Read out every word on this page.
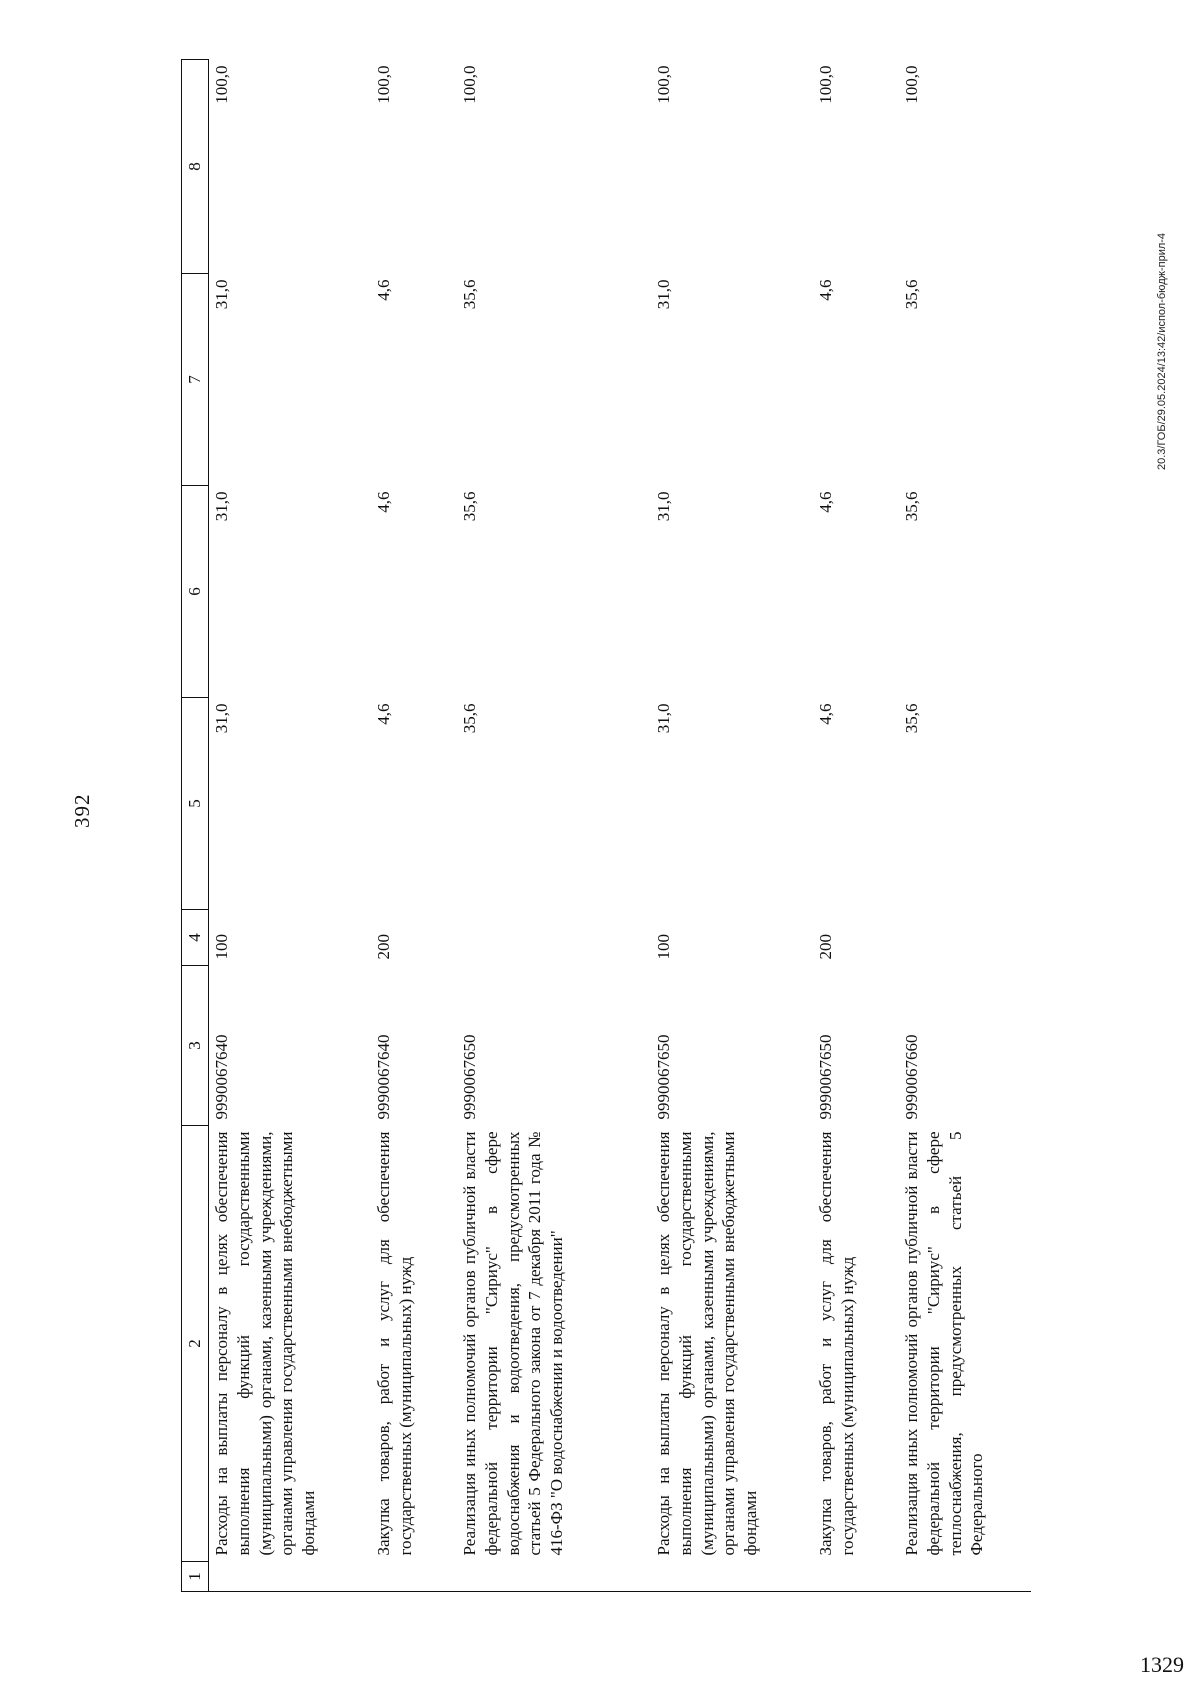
392
20.3/ГОБ/29.05.2024/13:42/испол-бюдж-прил-4
1	2	3	4	5	6	7	8
	Расходы на выплаты персоналу в целях обеспечения выполнения функций государственными (муниципальными) органами, казенными учреждениями, органами управления государственными внебюджетными фондами	9990067640	100	31,0	31,0	31,0	100,0
	Закупка товаров, работ и услуг для обеспечения государственных (муниципальных) нужд	9990067640	200	4,6	4,6	4,6	100,0
	Реализация иных полномочий органов публичной власти федеральной территории "Сириус" в сфере водоснабжения и водоотведения, предусмотренных статьей 5 Федерального закона от 7 декабря 2011 года № 416-ФЗ "О водоснабжении и водоотведении"	9990067650		35,6	35,6	35,6	100,0
	Расходы на выплаты персоналу в целях обеспечения выполнения функций государственными (муниципальными) органами, казенными учреждениями, органами управления государственными внебюджетными фондами	9990067650	100	31,0	31,0	31,0	100,0
	Закупка товаров, работ и услуг для обеспечения государственных (муниципальных) нужд	9990067650	200	4,6	4,6	4,6	100,0
	Реализация иных полномочий органов публичной власти федеральной территории "Сириус" в сфере теплоснабжения, предусмотренных статьей 5 Федерального	9990067660		35,6	35,6	35,6	100,0
1329
